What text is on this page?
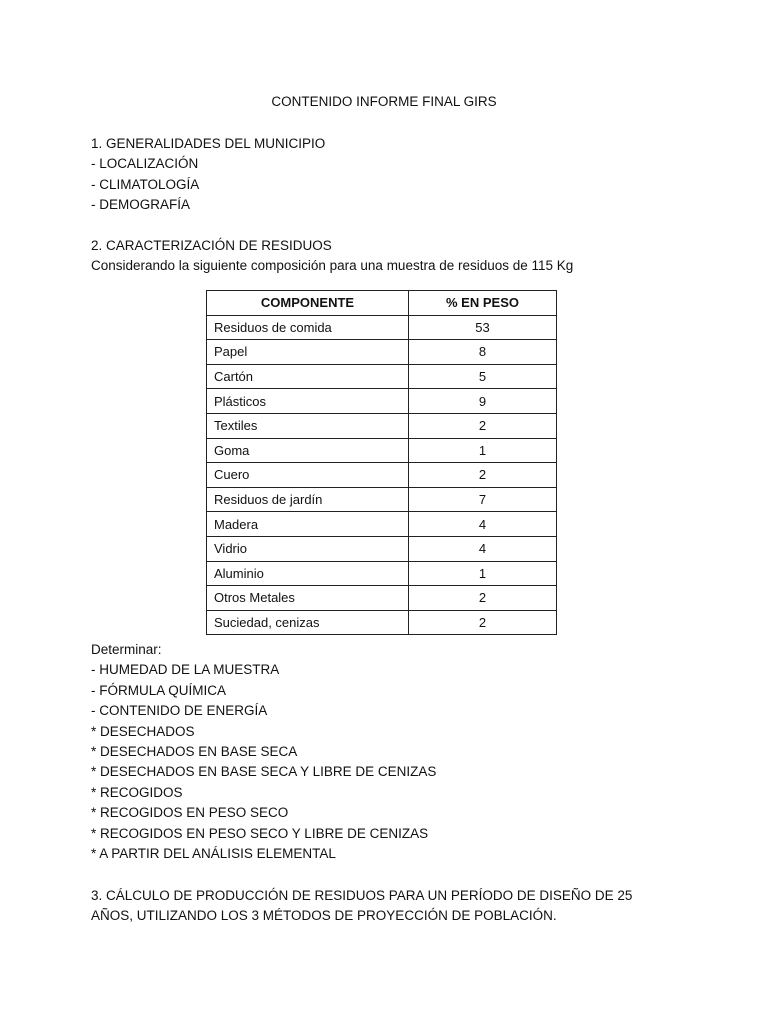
CONTENIDO INFORME FINAL GIRS
1. GENERALIDADES DEL MUNICIPIO
- LOCALIZACIÓN
- CLIMATOLOGÍA
- DEMOGRAFÍA
2. CARACTERIZACIÓN DE RESIDUOS
Considerando la siguiente composición para una muestra de residuos de 115 Kg
COMPONENTE	% EN PESO
Residuos de comida	53
Papel	8
Cartón	5
Plásticos	9
Textiles	2
Goma	1
Cuero	2
Residuos de jardín	7
Madera	4
Vidrio	4
Aluminio	1
Otros Metales	2
Suciedad, cenizas	2
Determinar:
- HUMEDAD DE LA MUESTRA
- FÓRMULA QUÍMICA
- CONTENIDO DE ENERGÍA
* DESECHADOS
* DESECHADOS EN BASE SECA
* DESECHADOS EN BASE SECA Y LIBRE DE CENIZAS
* RECOGIDOS
* RECOGIDOS EN PESO SECO
* RECOGIDOS EN PESO SECO Y LIBRE DE CENIZAS
* A PARTIR DEL ANÁLISIS ELEMENTAL
3. CÁLCULO DE PRODUCCIÓN DE RESIDUOS PARA UN PERÍODO DE DISEÑO DE 25
AÑOS, UTILIZANDO LOS 3 MÉTODOS DE PROYECCIÓN DE POBLACIÓN.
